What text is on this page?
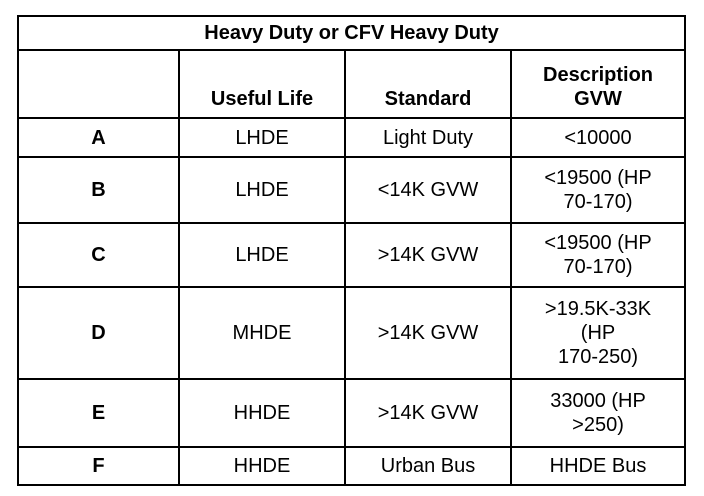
Heavy Duty or CFV Heavy Duty			
	Useful Life	Standard	Description
GVW
A	LHDE	Light Duty	<10000
B	LHDE	<14K GVW	<19500 (HP
70-170)
C	LHDE	>14K GVW	<19500 (HP
70-170)
D	MHDE	>14K GVW	>19.5K-33K
(HP
170-250)
E	HHDE	>14K GVW	33000 (HP
>250)
F	HHDE	Urban Bus	HHDE Bus
